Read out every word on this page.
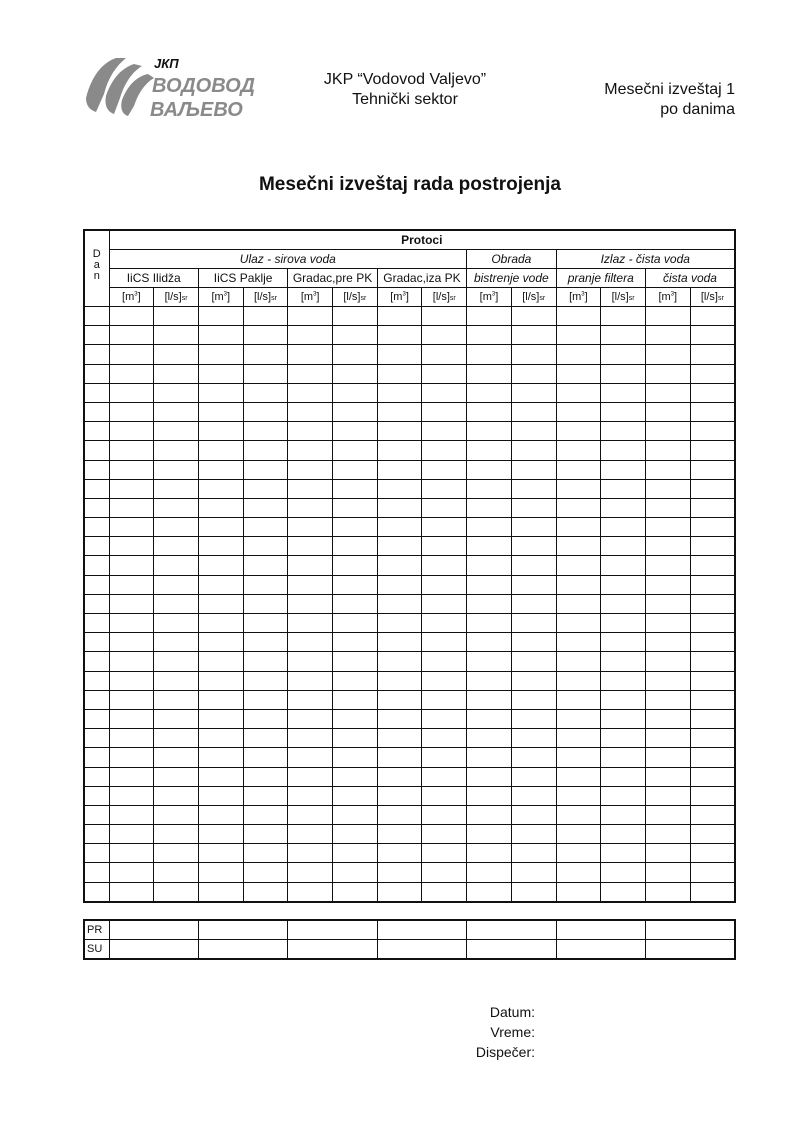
ЈКП
ВОДОВОД
ВАЉЕВО
JKP “Vodovod Valjevo”
Tehnički sektor
Mesečni izveštaj 1
po danima
Mesečni izveštaj rada postrojenja
D
a
n	Protoci													
	Ulaz - sirova voda								Obrada		Izlaz - čista voda			
	IiCS Ilidža		IiCS Paklje		Gradac,pre PK		Gradac,iza PK		bistrenje vode		pranje filtera		čista voda	
	$[m^3]$	[l/s]sr	$[m^3]$	[l/s]sr	$[m^3]$	[l/s]sr	$[m^3]$	[l/s]sr	$[m^3]$	[l/s]sr	$[m^3]$	[l/s]sr	$[m^3]$	[l/s]sr

PR							
SU							
Datum:
Vreme:
Dispečer:
